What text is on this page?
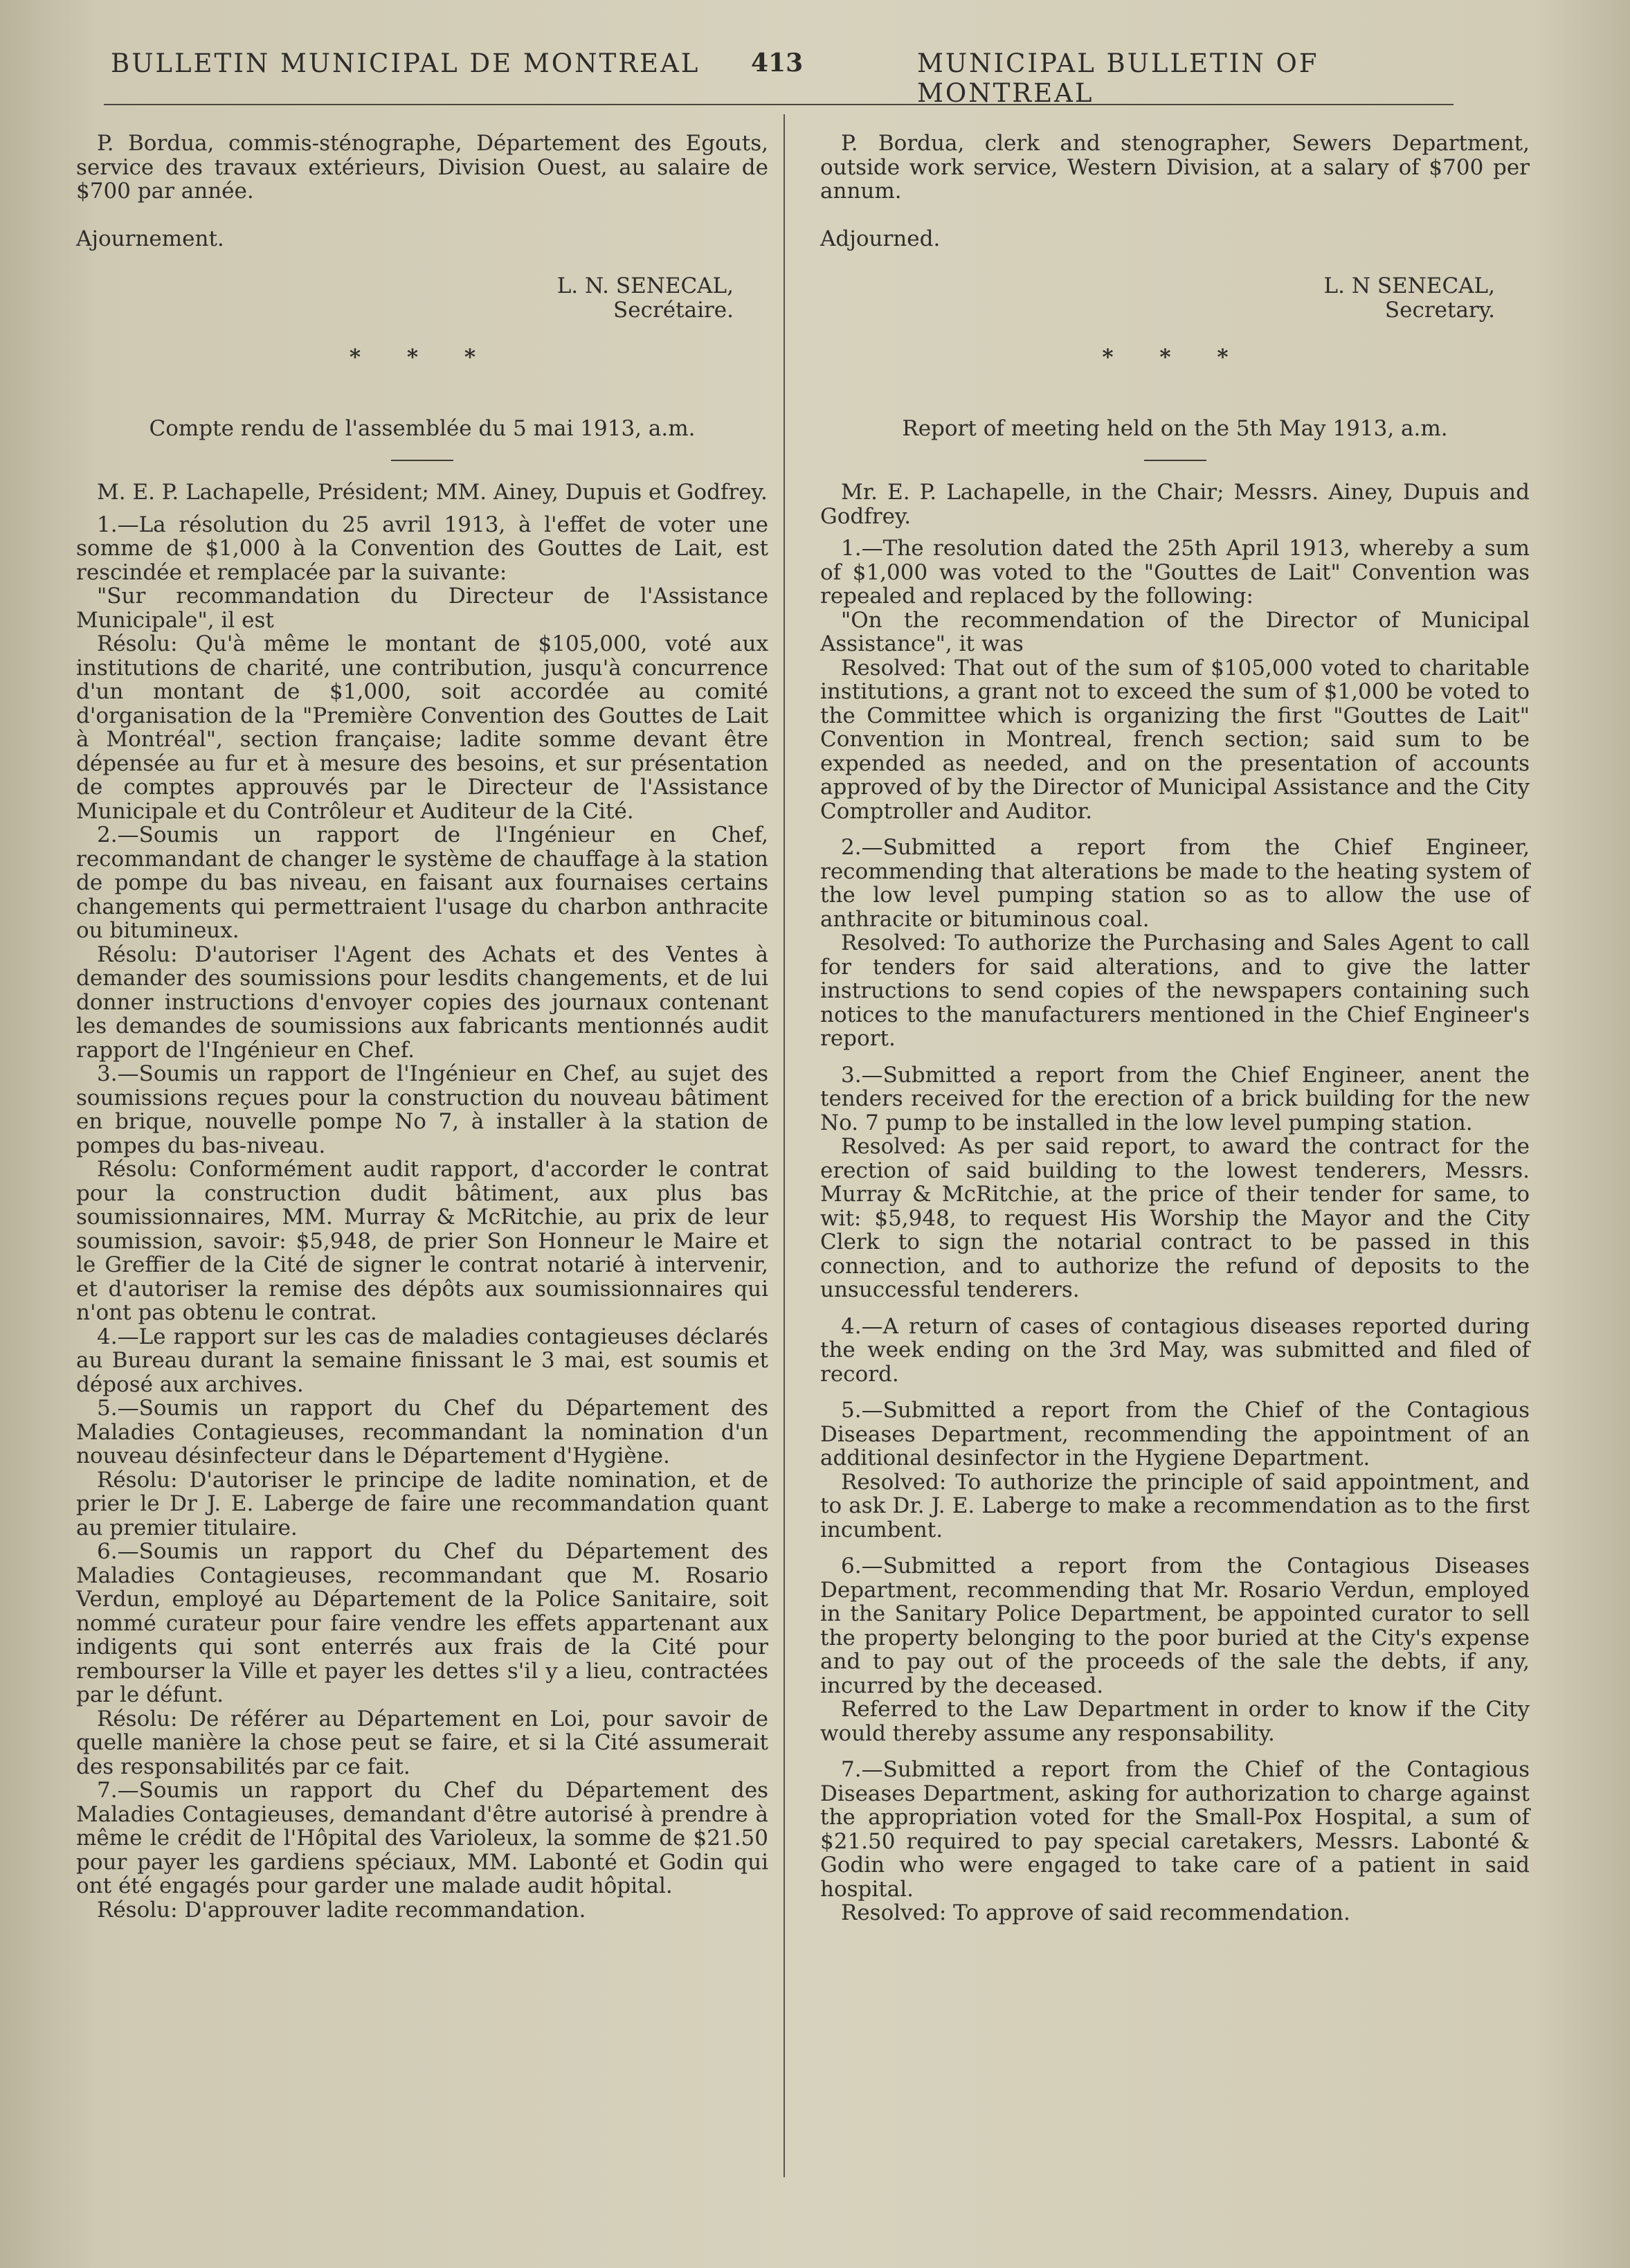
BULLETIN MUNICIPAL DE MONTREAL 413	MUNICIPAL BULLETIN OF MONTREAL

P. Bordua, commis-sténographe, Département des Egouts, service des travaux extérieurs, Division Ouest, au salaire de $700 par année.

Ajournement.

L. N. SENECAL,

Secrétaire.

* * *

Compte rendu de l'assemblée du 5 mai 1913, a.m.

M. E. P. Lachapelle, Président; MM. Ainey, Dupuis et Godfrey.

1.—La résolution du 25 avril 1913, à l'effet de voter une somme de $1,000 à la Convention des Gouttes de Lait, est rescindée et remplacée par la suivante:

"Sur recommandation du Directeur de l'Assistance Municipale", il est

Résolu: Qu'à même le montant de $105,000, voté aux institutions de charité, une contribution, jusqu'à concurrence d'un montant de $1,000, soit accordée au comité d'organisation de la "Première Convention des Gouttes de Lait à Montréal", section française; ladite somme devant être dépensée au fur et à mesure des besoins, et sur présentation de comptes approuvés par le Directeur de l'Assistance Municipale et du Contrôleur et Auditeur de la Cité.

2.—Soumis un rapport de l'Ingénieur en Chef, recommandant de changer le système de chauffage à la station de pompe du bas niveau, en faisant aux fournaises certains changements qui permettraient l'usage du charbon anthracite ou bitumineux.

Résolu: D'autoriser l'Agent des Achats et des Ventes à demander des soumissions pour lesdits changements, et de lui donner instructions d'envoyer copies des journaux contenant les demandes de soumissions aux fabricants mentionnés audit rapport de l'Ingénieur en Chef.

3.—Soumis un rapport de l'Ingénieur en Chef, au sujet des soumissions reçues pour la construction du nouveau bâtiment en brique, nouvelle pompe No 7, à installer à la station de pompes du bas-niveau.

Résolu: Conformément audit rapport, d'accorder le contrat pour la construction dudit bâtiment, aux plus bas soumissionnaires, MM. Murray & McRitchie, au prix de leur soumission, savoir: $5,948, de prier Son Honneur le Maire et le Greffier de la Cité de signer le contrat notarié à intervenir, et d'autoriser la remise des dépôts aux soumissionnaires qui n'ont pas obtenu le contrat.

4.—Le rapport sur les cas de maladies contagieuses déclarés au Bureau durant la semaine finissant le 3 mai, est soumis et déposé aux archives.

5.—Soumis un rapport du Chef du Département des Maladies Contagieuses, recommandant la nomination d'un nouveau désinfecteur dans le Département d'Hygiène.

Résolu: D'autoriser le principe de ladite nomination, et de prier le Dr J. E. Laberge de faire une recommandation quant au premier titulaire.

6.—Soumis un rapport du Chef du Département des Maladies Contagieuses, recommandant que M. Rosario Verdun, employé au Département de la Police Sanitaire, soit nommé curateur pour faire vendre les effets appartenant aux indigents qui sont enterrés aux frais de la Cité pour rembourser la Ville et payer les dettes s'il y a lieu, contractées par le défunt.

Résolu: De référer au Département en Loi, pour savoir de quelle manière la chose peut se faire, et si la Cité assumerait des responsabilités par ce fait.

7.—Soumis un rapport du Chef du Département des Maladies Contagieuses, demandant d'être autorisé à prendre à même le crédit de l'Hôpital des Varioleux, la somme de $21.50 pour payer les gardiens spéciaux, MM. Labonté et Godin qui ont été engagés pour garder une malade audit hôpital.

Résolu: D'approuver ladite recommandation.

P. Bordua, clerk and stenographer, Sewers Department, outside work service, Western Division, at a salary of $700 per annum.

Adjourned.

L. N SENECAL,

Secretary.

* * *

Report of meeting held on the 5th May 1913, a.m.

Mr. E. P. Lachapelle, in the Chair; Messrs. Ainey, Dupuis and Godfrey.

1.—The resolution dated the 25th April 1913, whereby a sum of $1,000 was voted to the "Gouttes de Lait" Convention was repealed and replaced by the following:

"On the recommendation of the Director of Municipal Assistance", it was

Resolved: That out of the sum of $105,000 voted to charitable institutions, a grant not to exceed the sum of $1,000 be voted to the Committee which is organizing the first "Gouttes de Lait" Convention in Montreal, french section; said sum to be expended as needed, and on the presentation of accounts approved of by the Director of Municipal Assistance and the City Comptroller and Auditor.

2.—Submitted a report from the Chief Engineer, recommending that alterations be made to the heating system of the low level pumping station so as to allow the use of anthracite or bituminous coal.

Resolved: To authorize the Purchasing and Sales Agent to call for tenders for said alterations, and to give the latter instructions to send copies of the newspapers containing such notices to the manufacturers mentioned in the Chief Engineer's report.

3.—Submitted a report from the Chief Engineer, anent the tenders received for the erection of a brick building for the new No. 7 pump to be installed in the low level pumping station.

Resolved: As per said report, to award the contract for the erection of said building to the lowest tenderers, Messrs. Murray & McRitchie, at the price of their tender for same, to wit: $5,948, to request His Worship the Mayor and the City Clerk to sign the notarial contract to be passed in this connection, and to authorize the refund of deposits to the unsuccessful tenderers.

4.—A return of cases of contagious diseases reported during the week ending on the 3rd May, was submitted and filed of record.

5.—Submitted a report from the Chief of the Contagious Diseases Department, recommending the appointment of an additional desinfector in the Hygiene Department.

Resolved: To authorize the principle of said appointment, and to ask Dr. J. E. Laberge to make a recommendation as to the first incumbent.

6.—Submitted a report from the Contagious Diseases Department, recommending that Mr. Rosario Verdun, employed in the Sanitary Police Department, be appointed curator to sell the property belonging to the poor buried at the City's expense and to pay out of the proceeds of the sale the debts, if any, incurred by the deceased.

Referred to the Law Department in order to know if the City would thereby assume any responsability.

7.—Submitted a report from the Chief of the Contagious Diseases Department, asking for authorization to charge against the appropriation voted for the Small-Pox Hospital, a sum of $21.50 required to pay special caretakers, Messrs. Labonté & Godin who were engaged to take care of a patient in said hospital.

Resolved: To approve of said recommendation.
